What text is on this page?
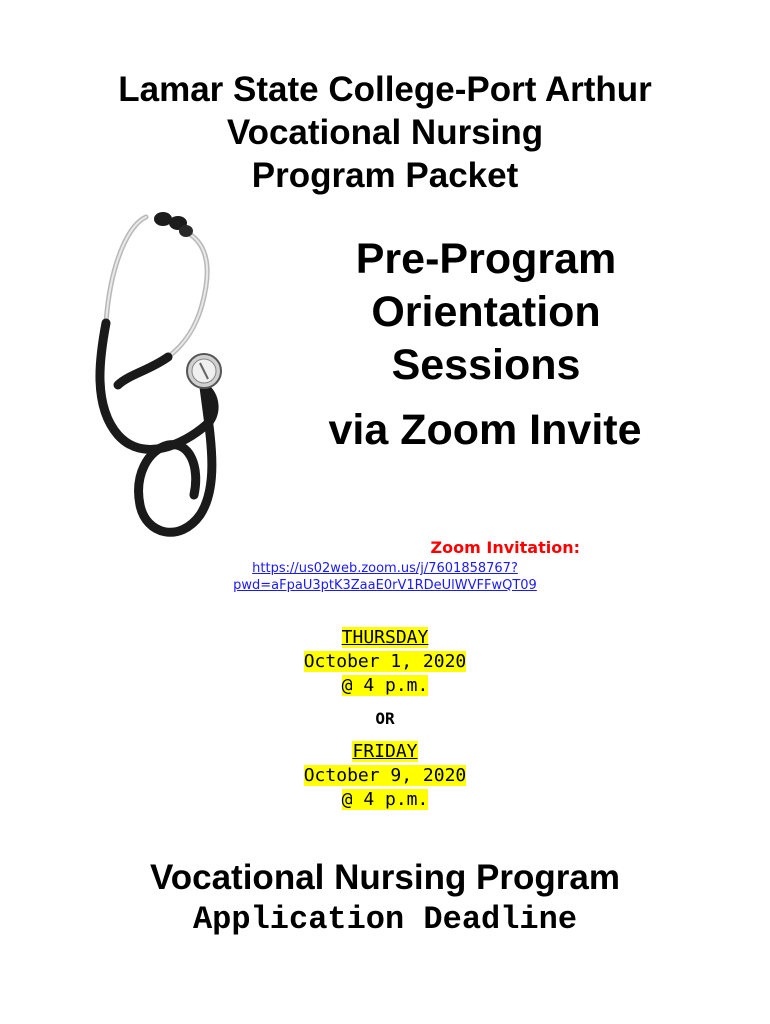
Lamar State College-Port Arthur
Vocational Nursing
Program Packet
Pre-Program
Orientation
Sessions
via Zoom Invite
Zoom Invitation:
https://us02web.zoom.us/j/7601858767?
pwd=aFpaU3ptK3ZaaE0rV1RDeUlWVFFwQT09
THURSDAY
October 1, 2020
@ 4 p.m.
OR
FRIDAY
October 9, 2020
@ 4 p.m.
Vocational Nursing Program
Application Deadline
